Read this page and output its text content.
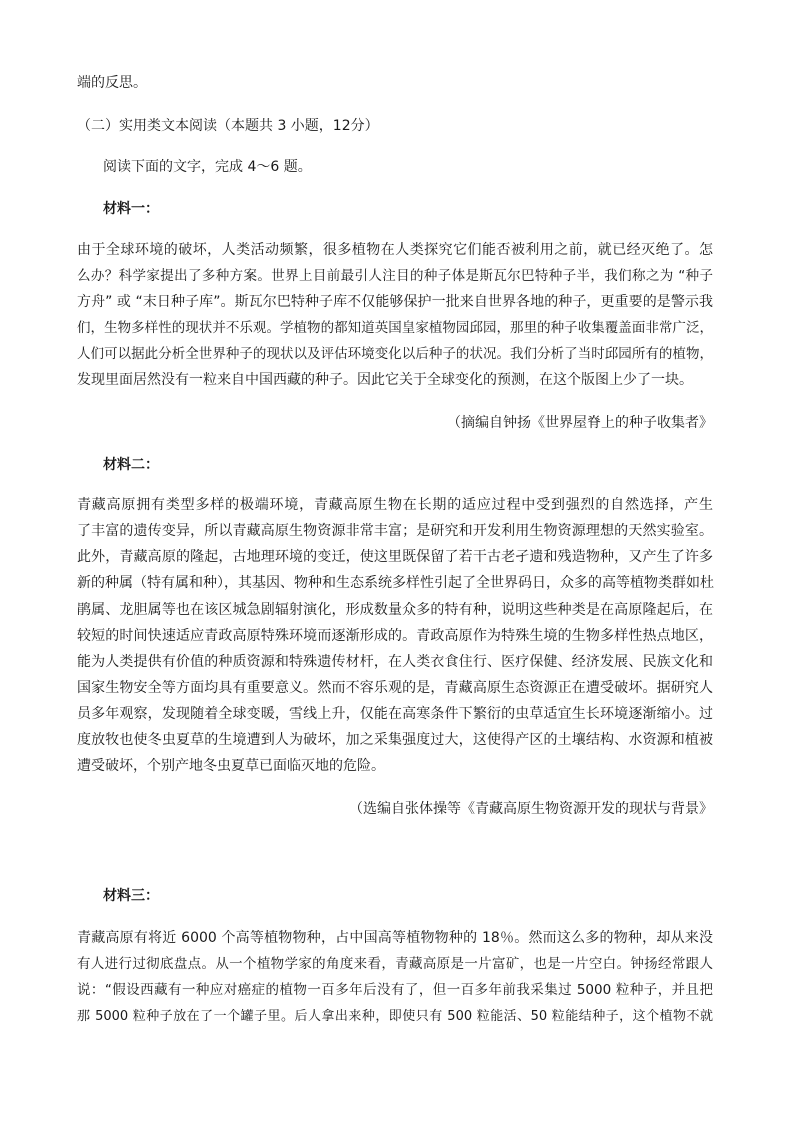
端的反思。
（二）实用类文本阅读（本题共 3 小题，12分）
阅读下面的文字，完成 4～6 题。
材料一：
由于全球环境的破坏，人类活动频繁，很多植物在人类探究它们能否被利用之前，就已经灭绝了。怎
么办？科学家提出了多种方案。世界上目前最引人注目的种子体是斯瓦尔巴特种子半，我们称之为 “种子
方舟” 或 “末日种子库”。斯瓦尔巴特种子库不仅能够保护一批来自世界各地的种子，更重要的是警示我
们，生物多样性的现状并不乐观。学植物的都知道英国皇家植物园邱园，那里的种子收集覆盖面非常广泛，
人们可以据此分析全世界种子的现状以及评估环境变化以后种子的状况。我们分析了当时邱园所有的植物，
发现里面居然没有一粒来自中国西藏的种子。因此它关于全球变化的预测，在这个版图上少了一块。
（摘编自钟扬《世界屋脊上的种子收集者》
材料二：
青藏高原拥有类型多样的极端环境，青藏高原生物在长期的适应过程中受到强烈的自然选择，产生
了丰富的遗传变异，所以青藏高原生物资源非常丰富；是研究和开发利用生物资源理想的天然实验室。
此外，青藏高原的隆起，古地理环境的变迁，使这里既保留了若干古老孑遗和残造物种，又产生了许多
新的种属（特有属和种），其基因、物种和生态系统多样性引起了全世界码日，众多的高等植物类群如杜
鹃属、龙胆属等也在该区城急剧辐射演化，形成数量众多的特有种，说明这些种类是在高原隆起后，在
较短的时间快速适应青政高原特殊环境而逐渐形成的。青政高原作为特殊生境的生物多样性热点地区，
能为人类提供有价值的种质资源和特殊遗传材杆，在人类衣食住行、医疗保健、经济发展、民族文化和
国家生物安全等方面均具有重要意义。然而不容乐观的是，青藏高原生态资源正在遭受破坏。据研究人
员多年观察，发现随着全球变暖，雪线上升，仅能在高寒条件下繁衍的虫草适宜生长环境逐渐缩小。过
度放牧也使冬虫夏草的生境遭到人为破坏，加之采集强度过大，这使得产区的土壤结构、水资源和植被
遭受破坏，个别产地冬虫夏草已面临灭地的危险。
（选编自张体操等《青藏高原生物资源开发的现状与背景》
材料三：
青藏高原有将近 6000 个高等植物物种，占中国高等植物物种的 18％。然而这么多的物种，却从来没
有人进行过彻底盘点。从一个植物学家的角度来看，青藏高原是一片富矿，也是一片空白。钟扬经常跟人
说：“假设西藏有一种应对癌症的植物一百多年后没有了，但一百多年前我采集过 5000 粒种子，并且把
那 5000 粒种子放在了一个罐子里。后人拿出来种，即使只有 500 粒能活、50 粒能结种子，这个植物不就
